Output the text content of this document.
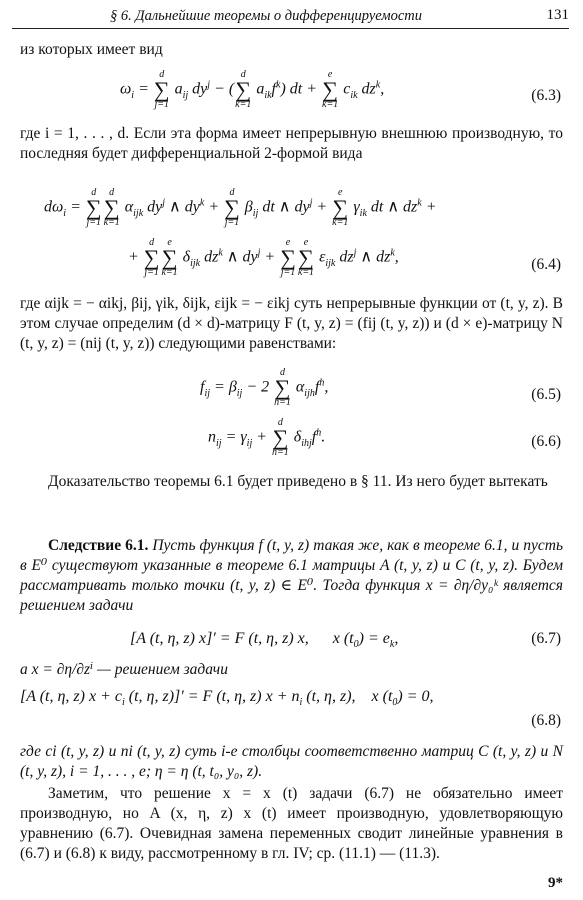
§ 6. Дальнейшие теоремы о дифференцируемости	131
из которых имеет вид
$\omega_i$ =
d
∑
j=1
$a_{ij}$ $dy^j$ − (
d
∑
k=1
$a_{ik}f^k$) dt +
e
∑
k=1
$c_{ik}$ $dz^k$,	(6.3)
где i = 1, . . . , d. Если эта форма имеет непрерывную внешнюю производную, то последняя будет дифференциальной 2-формой вида
$d\omega_i$ =
d
∑
j=1
d
∑
k=1
$\alpha_{ijk}$ $dy^j$ ∧ $dy^k$ +
d
∑
j=1
$\beta_{ij}$ dt ∧ $dy^j$ +
e
∑
k=1
$\gamma_{ik}$ dt ∧ $dz^k$ +
+
d
∑
j=1
e
∑
k=1
$\delta_{ijk}$ $dz^k$ ∧ $dy^j$ +
e
∑
j=1
e
∑
k=1
$\varepsilon_{ijk}$ $dz^j$ ∧ $dz^k$,	(6.4)
где αijk = − αikj, βij, γik, δijk, εijk = − εikj суть непрерывные функции от (t, y, z). В этом случае определим (d × d)-матрицу F (t, y, z) = (fij (t, y, z)) и (d × e)-матрицу N (t, y, z) = (nij (t, y, z)) следующими равенствами:
$f_{ij} = \beta_{ij} - 2$
d
∑
h=1
$\alpha_{ijh}f^h$,	(6.5)
$n_{ij} = \gamma_{ij}$ +
d
∑
h=1
$\delta_{ihj}f^h$.	(6.6)
Доказательство теоремы 6.1 будет приведено в § 11. Из него будет вытекать
Следствие 6.1. Пусть функция f (t, y, z) такая же, как в теореме 6.1, и пусть в E⁰ существуют указанные в теореме 6.1 матрицы A (t, y, z) и C (t, y, z). Будем рассматривать только точки (t, y, z) ∈ E⁰. Тогда функция x = ∂η/∂y₀ᵏ является решением задачи
[A (t, η, z) x]′ = F (t, η, z) x,      x $(t_0) = e_k$,	(6.7)
а x = ∂η/∂zⁱ — решением задачи
[A (t, η, z) $x + c_i$ (t, η, z)]′ = F (t, η, z) $x + n_i$ (t, η, z),    x $(t_0) = 0$,
(6.8)
где ci (t, y, z) и ni (t, y, z) суть i-е столбцы соответственно матриц C (t, y, z) и N (t, y, z), i = 1, . . . , e; η = η (t, t₀, y₀, z).
Заметим, что решение x = x (t) задачи (6.7) не обязательно имеет производную, но A (x, η, z) x (t) имеет производную, удовлетворяющую уравнению (6.7). Очевидная замена переменных сводит линейные уравнения в (6.7) и (6.8) к виду, рассмотренному в гл. IV; ср. (11.1) — (11.3).
9*
